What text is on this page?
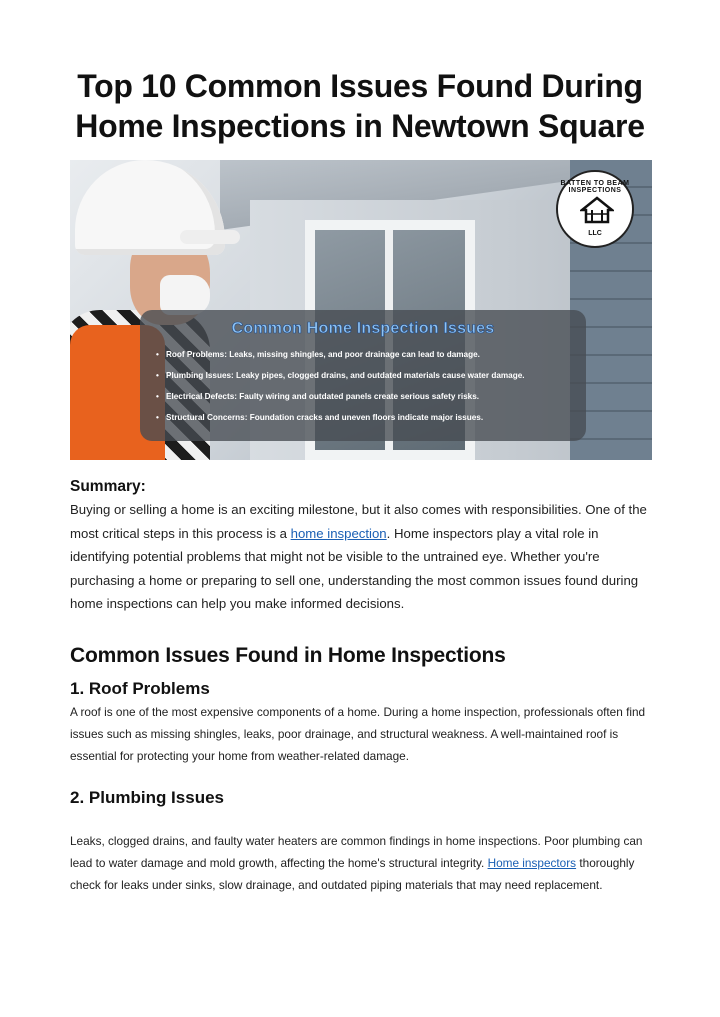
Top 10 Common Issues Found During Home Inspections in Newtown Square
BATTEN TO BEAM INSPECTIONS
LLC
Common Home Inspection Issues
• Roof Problems: Leaks, missing shingles, and poor drainage can lead to damage.
• Plumbing Issues: Leaky pipes, clogged drains, and outdated materials cause water damage.
• Electrical Defects: Faulty wiring and outdated panels create serious safety risks.
• Structural Concerns: Foundation cracks and uneven floors indicate major issues.
Summary:

Buying or selling a home is an exciting milestone, but it also comes with responsibilities. One of the most critical steps in this process is a home inspection. Home inspectors play a vital role in identifying potential problems that might not be visible to the untrained eye. Whether you're purchasing a home or preparing to sell one, understanding the most common issues found during home inspections can help you make informed decisions.

Common Issues Found in Home Inspections
1. Roof Problems

A roof is one of the most expensive components of a home. During a home inspection, professionals often find issues such as missing shingles, leaks, poor drainage, and structural weakness. A well-maintained roof is essential for protecting your home from weather-related damage.

2. Plumbing Issues

Leaks, clogged drains, and faulty water heaters are common findings in home inspections. Poor plumbing can lead to water damage and mold growth, affecting the home's structural integrity. Home inspectors thoroughly check for leaks under sinks, slow drainage, and outdated piping materials that may need replacement.
